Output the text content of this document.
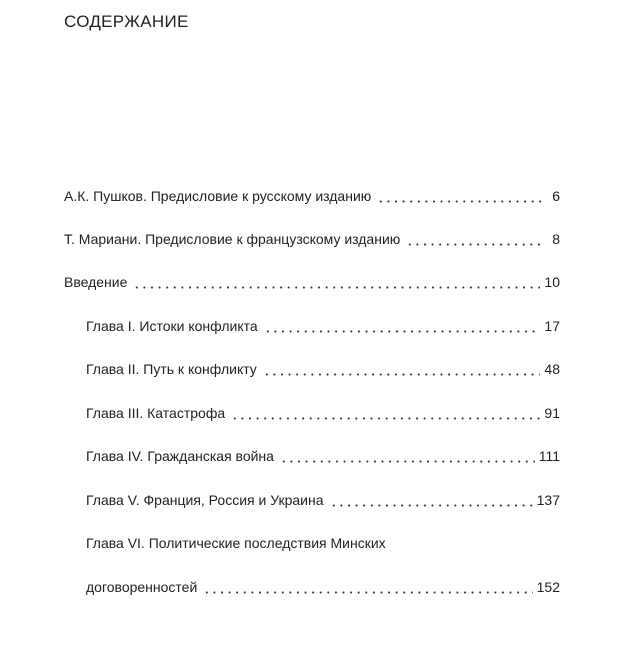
СОДЕРЖАНИЕ
А.К. Пушков. Предисловие к русскому изданию	6
Т. Мариани. Предисловие к французскому изданию	8
Введение	10
Глава I. Истоки конфликта	17
Глава II. Путь к конфликту	48
Глава III. Катастрофа	91
Глава IV. Гражданская война	111
Глава V. Франция, Россия и Украина	137
Глава VI. Политические последствия Минских
договоренностей	152
